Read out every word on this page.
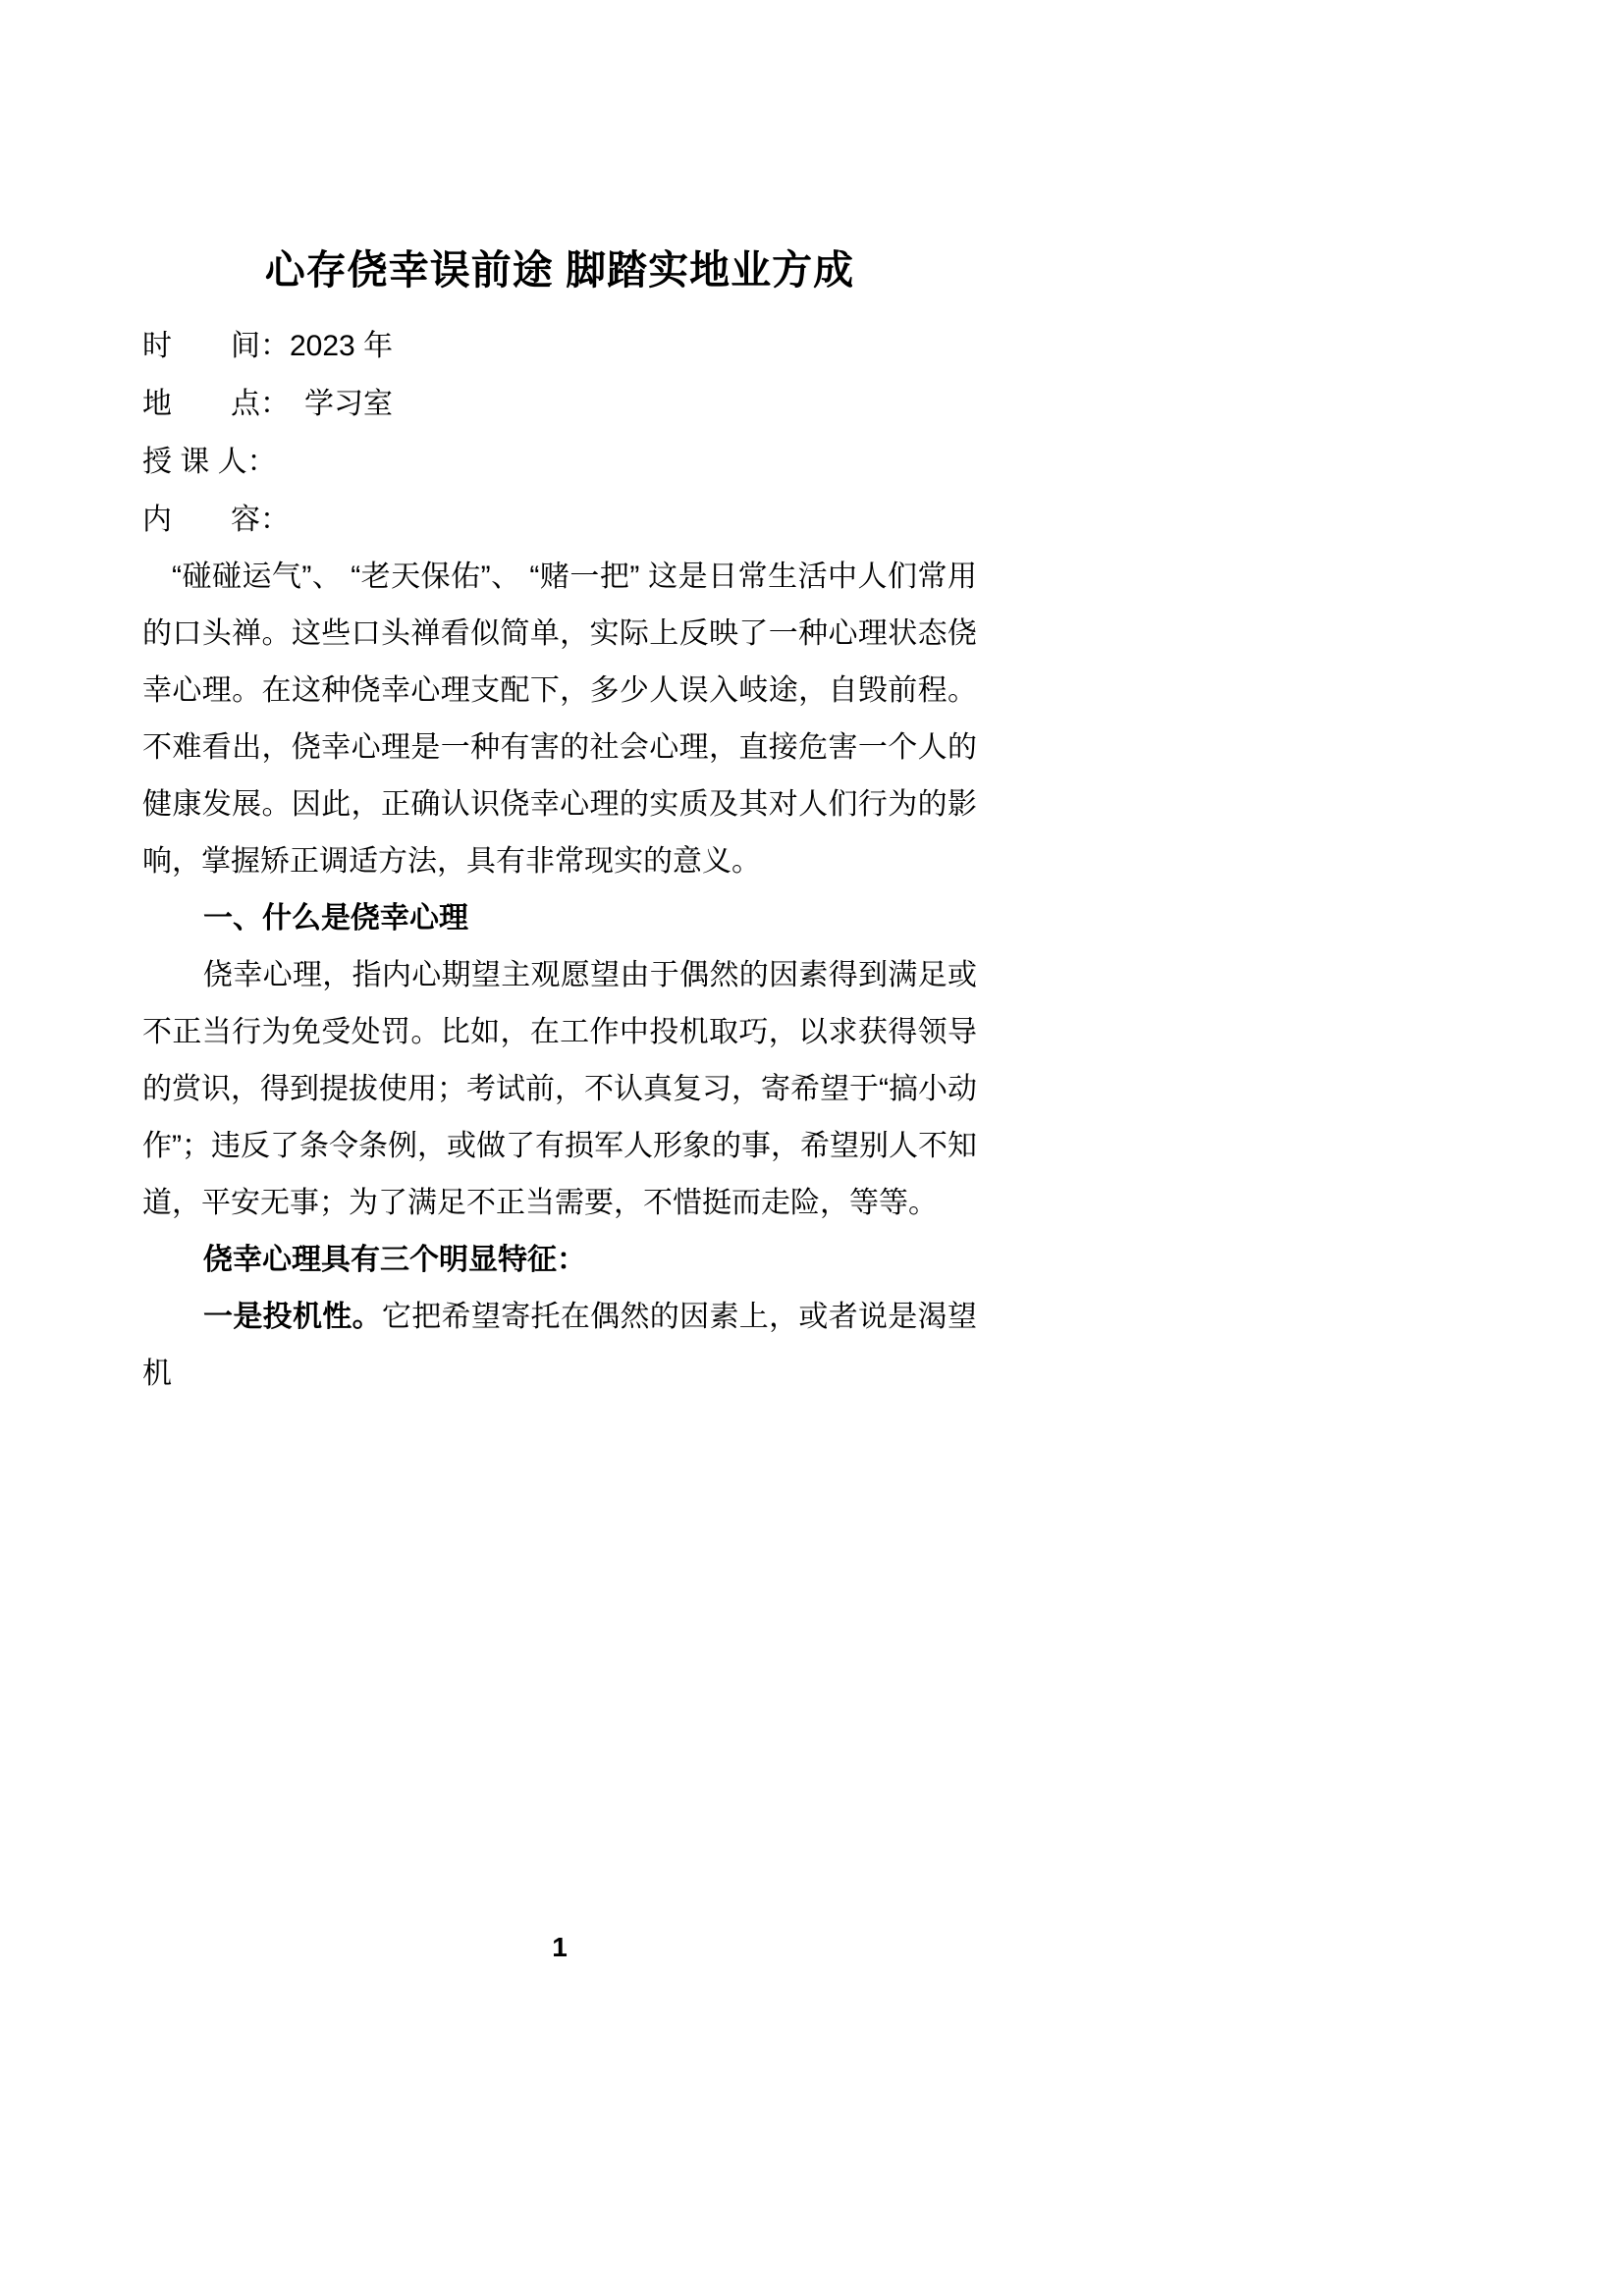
心存侥幸误前途 脚踏实地业方成
时　　间：2023 年
地　　点：　学习室
授 课 人：
内　　容：

“碰碰运气”、 “老天保佑”、 “赌一把” 这是日常生活中人们常用的口头禅。这些口头禅看似简单，实际上反映了一种心理状态侥幸心理。在这种侥幸心理支配下，多少人误入岐途，自毁前程。不难看出，侥幸心理是一种有害的社会心理，直接危害一个人的健康发展。因此，正确认识侥幸心理的实质及其对人们行为的影响，掌握矫正调适方法，具有非常现实的意义。

一、什么是侥幸心理

侥幸心理，指内心期望主观愿望由于偶然的因素得到满足或不正当行为免受处罚。比如，在工作中投机取巧，以求获得领导的赏识，得到提拔使用；考试前，不认真复习，寄希望于“搞小动作”；违反了条令条例，或做了有损军人形象的事，希望别人不知道，平安无事；为了满足不正当需要，不惜挺而走险，等等。

侥幸心理具有三个明显特征：

一是投机性。它把希望寄托在偶然的因素上，或者说是渴望机

1
